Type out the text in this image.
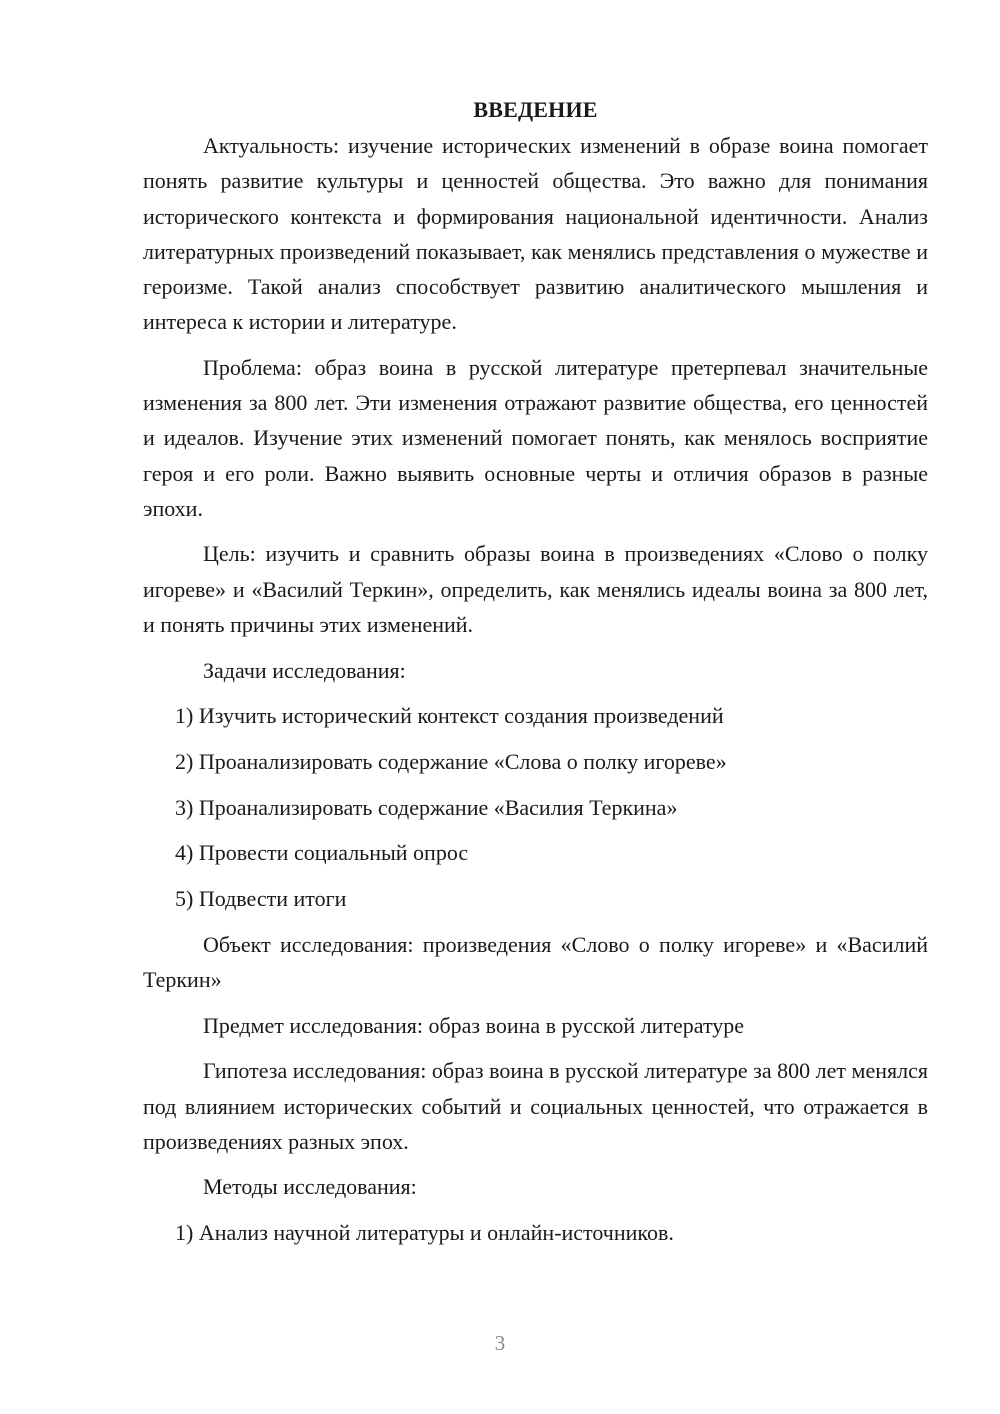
ВВЕДЕНИЕ

Актуальность: изучение исторических изменений в образе воина помогает понять развитие культуры и ценностей общества. Это важно для понимания исторического контекста и формирования национальной идентичности. Анализ литературных произведений показывает, как менялись представления о мужестве и героизме. Такой анализ способствует развитию аналитического мышления и интереса к истории и литературе.

Проблема: образ воина в русской литературе претерпевал значительные изменения за 800 лет. Эти изменения отражают развитие общества, его ценностей и идеалов. Изучение этих изменений помогает понять, как менялось восприятие героя и его роли. Важно выявить основные черты и отличия образов в разные эпохи.

Цель: изучить и сравнить образы воина в произведениях «Слово о полку игореве» и «Василий Теркин», определить, как менялись идеалы воина за 800 лет, и понять причины этих изменений.

Задачи исследования:

1) Изучить исторический контекст создания произведений

2) Проанализировать содержание «Слова о полку игореве»

3) Проанализировать содержание «Василия Теркина»

4) Провести социальный опрос

5) Подвести итоги

Объект исследования: произведения «Слово о полку игореве» и «Василий Теркин»

Предмет исследования: образ воина в русской литературе

Гипотеза исследования: образ воина в русской литературе за 800 лет менялся под влиянием исторических событий и социальных ценностей, что отражается в произведениях разных эпох.

Методы исследования:

1) Анализ научной литературы и онлайн-источников.

3
